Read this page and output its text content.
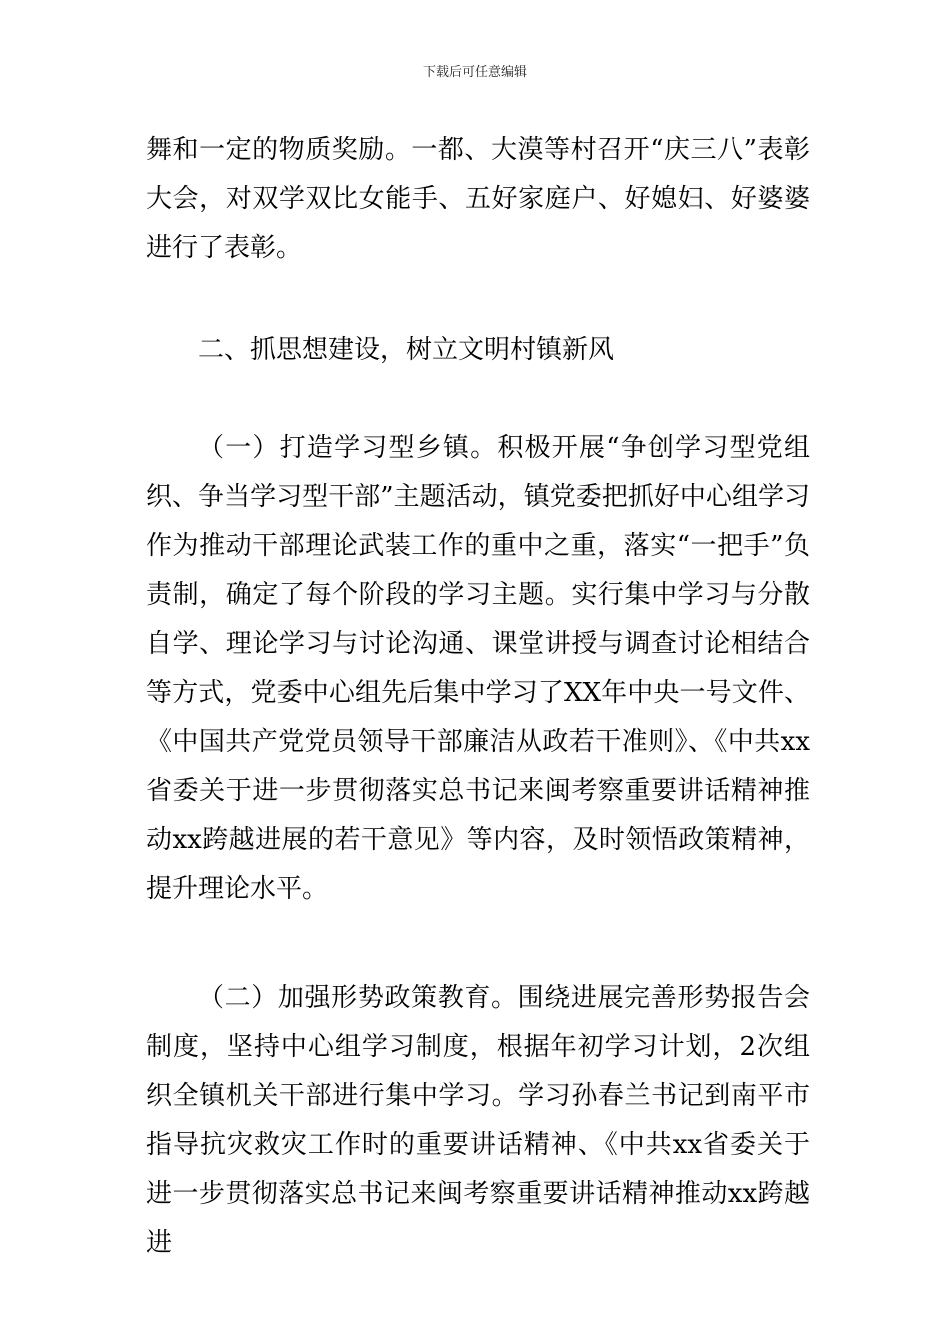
下载后可任意编辑

舞和一定的物质奖励。一都、大漠等村召开“庆三八”表彰大会，对双学双比女能手、五好家庭户、好媳妇、好婆婆进行了表彰。

二、抓思想建设，树立文明村镇新风

（一）打造学习型乡镇。积极开展“争创学习型党组织、争当学习型干部”主题活动，镇党委把抓好中心组学习作为推动干部理论武装工作的重中之重，落实“一把手”负责制，确定了每个阶段的学习主题。实行集中学习与分散自学、理论学习与讨论沟通、课堂讲授与调查讨论相结合等方式，党委中心组先后集中学习了XX年中央一号文件、《中国共产党党员领导干部廉洁从政若干准则》、《中共xx省委关于进一步贯彻落实总书记来闽考察重要讲话精神推动xx跨越进展的若干意见》等内容，及时领悟政策精神，提升理论水平。

（二）加强形势政策教育。围绕进展完善形势报告会制度，坚持中心组学习制度，根据年初学习计划，2次组织全镇机关干部进行集中学习。学习孙春兰书记到南平市指导抗灾救灾工作时的重要讲话精神、《中共xx省委关于进一步贯彻落实总书记来闽考察重要讲话精神推动xx跨越进
